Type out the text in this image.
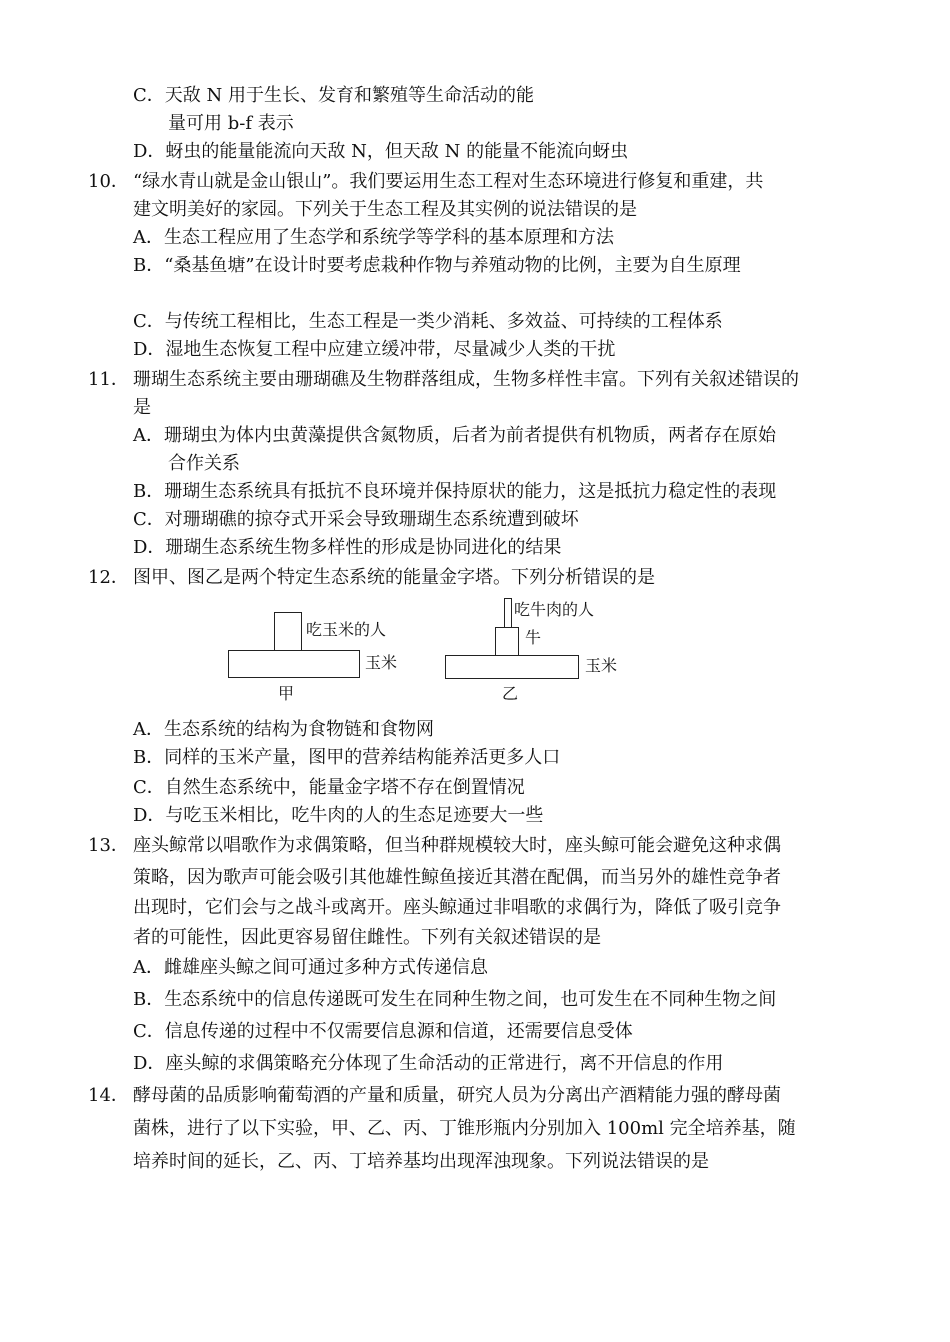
C．天敌 N 用于生长、发育和繁殖等生命活动的能
量可用 b-f 表示
D．蚜虫的能量能流向天敌 N，但天敌 N 的能量不能流向蚜虫
10． “绿水青山就是金山银山”。我们要运用生态工程对生态环境进行修复和重建，共
建文明美好的家园。下列关于生态工程及其实例的说法错误的是
A．生态工程应用了生态学和系统学等学科的基本原理和方法
B．“桑基鱼塘”在设计时要考虑栽种作物与养殖动物的比例，主要为自生原理
C．与传统工程相比，生态工程是一类少消耗、多效益、可持续的工程体系
D．湿地生态恢复工程中应建立缓冲带，尽量减少人类的干扰
11． 珊瑚生态系统主要由珊瑚礁及生物群落组成，生物多样性丰富。下列有关叙述错误的
是
A．珊瑚虫为体内虫黄藻提供含氮物质，后者为前者提供有机物质，两者存在原始
合作关系
B．珊瑚生态系统具有抵抗不良环境并保持原状的能力，这是抵抗力稳定性的表现
C．对珊瑚礁的掠夺式开采会导致珊瑚生态系统遭到破坏
D．珊瑚生态系统生物多样性的形成是协同进化的结果
12． 图甲、图乙是两个特定生态系统的能量金字塔。下列分析错误的是
吃玉米的人
玉米
甲
吃牛肉的人
牛
玉米
乙
A．生态系统的结构为食物链和食物网
B．同样的玉米产量，图甲的营养结构能养活更多人口
C．自然生态系统中，能量金字塔不存在倒置情况
D．与吃玉米相比，吃牛肉的人的生态足迹要大一些
13． 座头鲸常以唱歌作为求偶策略，但当种群规模较大时，座头鲸可能会避免这种求偶
策略，因为歌声可能会吸引其他雄性鲸鱼接近其潜在配偶，而当另外的雄性竞争者
出现时，它们会与之战斗或离开。座头鲸通过非唱歌的求偶行为，降低了吸引竞争
者的可能性，因此更容易留住雌性。下列有关叙述错误的是
A．雌雄座头鲸之间可通过多种方式传递信息
B．生态系统中的信息传递既可发生在同种生物之间，也可发生在不同种生物之间
C．信息传递的过程中不仅需要信息源和信道，还需要信息受体
D．座头鲸的求偶策略充分体现了生命活动的正常进行，离不开信息的作用
14． 酵母菌的品质影响葡萄酒的产量和质量，研究人员为分离出产酒精能力强的酵母菌
菌株，进行了以下实验，甲、乙、丙、丁锥形瓶内分别加入 100ml 完全培养基，随
培养时间的延长，乙、丙、丁培养基均出现浑浊现象。下列说法错误的是
